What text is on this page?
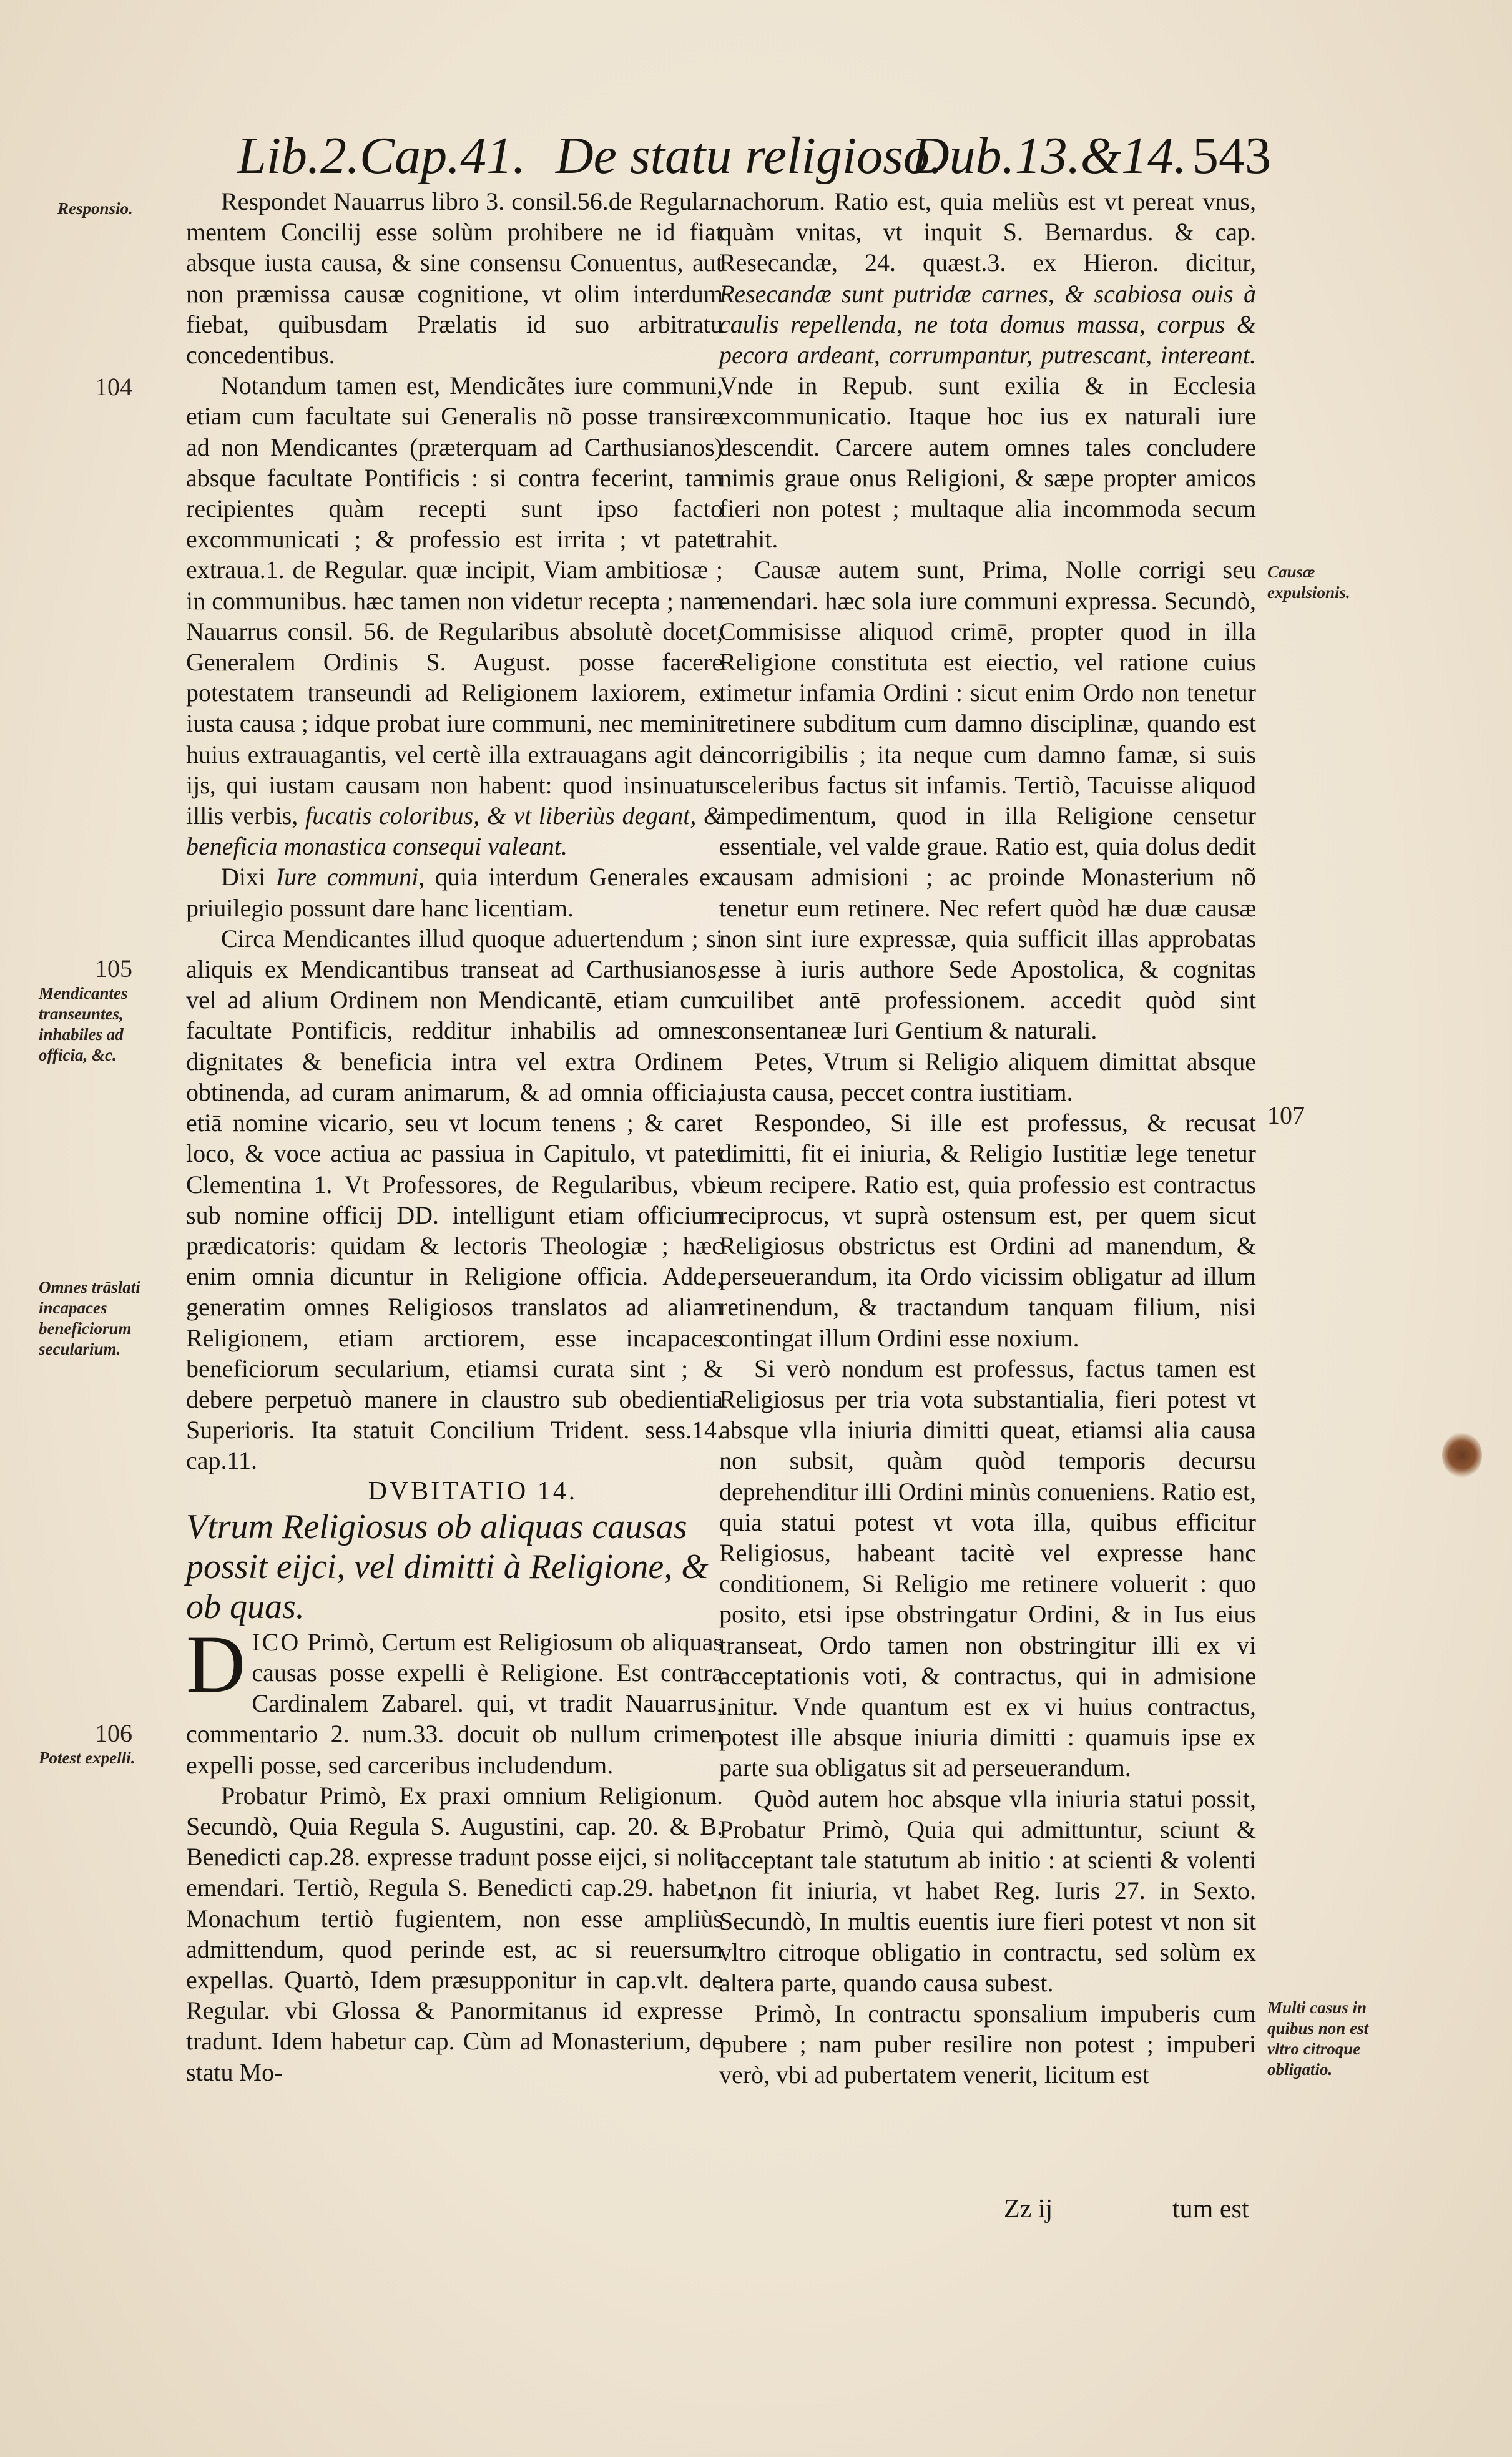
Lib.2.Cap.41. De statu religioso.
Dub.13.&14. 543
Responsio.
104
105
Mendicantes transeuntes, inhabiles ad officia, &c.
Omnes trāslati incapaces beneficiorum secularium.
106
Potest expelli.
Causæ expulsionis.
107
Multi casus in quibus non est vltro citroque obligatio.

Respondet Nauarrus libro 3. consil.56.de Regular. mentem Concilij esse solùm prohibere ne id fiat absque iusta causa, & sine consensu Conuentus, aut non præmissa causæ cognitione, vt olim interdum fiebat, quibusdam Prælatis id suo arbitratu concedentibus.

Notandum tamen est, Mendicãtes iure communi, etiam cum facultate sui Generalis nõ posse transire ad non Mendicantes (præterquam ad Carthusianos) absque facultate Pontificis : si contra fecerint, tam recipientes quàm recepti sunt ipso facto excommunicati ; & professio est irrita ; vt patet extraua.1. de Regular. quæ incipit, Viam ambitiosæ ; in communibus. hæc tamen non videtur recepta ; nam Nauarrus consil. 56. de Regularibus absolutè docet, Generalem Ordinis S. August. posse facere potestatem transeundi ad Religionem laxiorem, ex iusta causa ; idque probat iure communi, nec meminit huius extrauagantis, vel certè illa extrauagans agit de ijs, qui iustam causam non habent: quod insinuatur illis verbis, fucatis coloribus, & vt liberiùs degant, & beneficia monastica consequi valeant.

Dixi Iure communi, quia interdum Generales ex priuilegio possunt dare hanc licentiam.

Circa Mendicantes illud quoque aduertendum ; si aliquis ex Mendicantibus transeat ad Carthusianos, vel ad alium Ordinem non Mendicantē, etiam cum facultate Pontificis, redditur inhabilis ad omnes dignitates & beneficia intra vel extra Ordinem obtinenda, ad curam animarum, & ad omnia officia, etiā nomine vicario, seu vt locum tenens ; & caret loco, & voce actiua ac passiua in Capitulo, vt patet Clementina 1. Vt Professores, de Regularibus, vbi sub nomine officij DD. intelligunt etiam officium prædicatoris: quidam & lectoris Theologiæ ; hæc enim omnia dicuntur in Religione officia. Adde, generatim omnes Religiosos translatos ad aliam Religionem, etiam arctiorem, esse incapaces beneficiorum secularium, etiamsi curata sint ; & debere perpetuò manere in claustro sub obedientia Superioris. Ita statuit Concilium Trident. sess.14. cap.11.

DVBITATIO 14.

Vtrum Religiosus ob aliquas causas possit eijci, vel dimitti à Religione, & ob quas.

DICO Primò, Certum est Religiosum ob aliquas causas posse expelli è Religione. Est contra Cardinalem Zabarel. qui, vt tradit Nauarrus, commentario 2. num.33. docuit ob nullum crimen expelli posse, sed carceribus includendum.

Probatur Primò, Ex praxi omnium Religionum. Secundò, Quia Regula S. Augustini, cap. 20. & B. Benedicti cap.28. expresse tradunt posse eijci, si nolit emendari. Tertiò, Regula S. Benedicti cap.29. habet, Monachum tertiò fugientem, non esse ampliùs admittendum, quod perinde est, ac si reuersum expellas. Quartò, Idem præsupponitur in cap.vlt. de Regular. vbi Glossa & Panormitanus id expresse tradunt. Idem habetur cap. Cùm ad Monasterium, de statu Mo-

nachorum. Ratio est, quia meliùs est vt pereat vnus, quàm vnitas, vt inquit S. Bernardus. & cap. Resecandæ, 24. quæst.3. ex Hieron. dicitur, Resecandæ sunt putridæ carnes, & scabiosa ouis à caulis repellenda, ne tota domus massa, corpus & pecora ardeant, corrumpantur, putrescant, intereant. Vnde in Repub. sunt exilia & in Ecclesia excommunicatio. Itaque hoc ius ex naturali iure descendit. Carcere autem omnes tales concludere nimis graue onus Religioni, & sæpe propter amicos fieri non potest ; multaque alia incommoda secum trahit.

Causæ autem sunt, Prima, Nolle corrigi seu emendari. hæc sola iure communi expressa. Secundò, Commisisse aliquod crimē, propter quod in illa Religione constituta est eiectio, vel ratione cuius timetur infamia Ordini : sicut enim Ordo non tenetur retinere subditum cum damno disciplinæ, quando est incorrigibilis ; ita neque cum damno famæ, si suis sceleribus factus sit infamis. Tertiò, Tacuisse aliquod impedimentum, quod in illa Religione censetur essentiale, vel valde graue. Ratio est, quia dolus dedit causam admisioni ; ac proinde Monasterium nõ tenetur eum retinere. Nec refert quòd hæ duæ causæ non sint iure expressæ, quia sufficit illas approbatas esse à iuris authore Sede Apostolica, & cognitas cuilibet antē professionem. accedit quòd sint consentaneæ Iuri Gentium & naturali.

Petes, Vtrum si Religio aliquem dimittat absque iusta causa, peccet contra iustitiam.

Respondeo, Si ille est professus, & recusat dimitti, fit ei iniuria, & Religio Iustitiæ lege tenetur eum recipere. Ratio est, quia professio est contractus reciprocus, vt suprà ostensum est, per quem sicut Religiosus obstrictus est Ordini ad manendum, & perseuerandum, ita Ordo vicissim obligatur ad illum retinendum, & tractandum tanquam filium, nisi contingat illum Ordini esse noxium.

Si verò nondum est professus, factus tamen est Religiosus per tria vota substantialia, fieri potest vt absque vlla iniuria dimitti queat, etiamsi alia causa non subsit, quàm quòd temporis decursu deprehenditur illi Ordini minùs conueniens. Ratio est, quia statui potest vt vota illa, quibus efficitur Religiosus, habeant tacitè vel expresse hanc conditionem, Si Religio me retinere voluerit : quo posito, etsi ipse obstringatur Ordini, & in Ius eius transeat, Ordo tamen non obstringitur illi ex vi acceptationis voti, & contractus, qui in admisione initur. Vnde quantum est ex vi huius contractus, potest ille absque iniuria dimitti : quamuis ipse ex parte sua obligatus sit ad perseuerandum.

Quòd autem hoc absque vlla iniuria statui possit, Probatur Primò, Quia qui admittuntur, sciunt & acceptant tale statutum ab initio : at scienti & volenti non fit iniuria, vt habet Reg. Iuris 27. in Sexto. Secundò, In multis euentis iure fieri potest vt non sit vltro citroque obligatio in contractu, sed solùm ex altera parte, quando causa subest.

Primò, In contractu sponsalium impuberis cum pubere ; nam puber resilire non potest ; impuberi verò, vbi ad pubertatem venerit, licitum est

Zz ij	tum est
